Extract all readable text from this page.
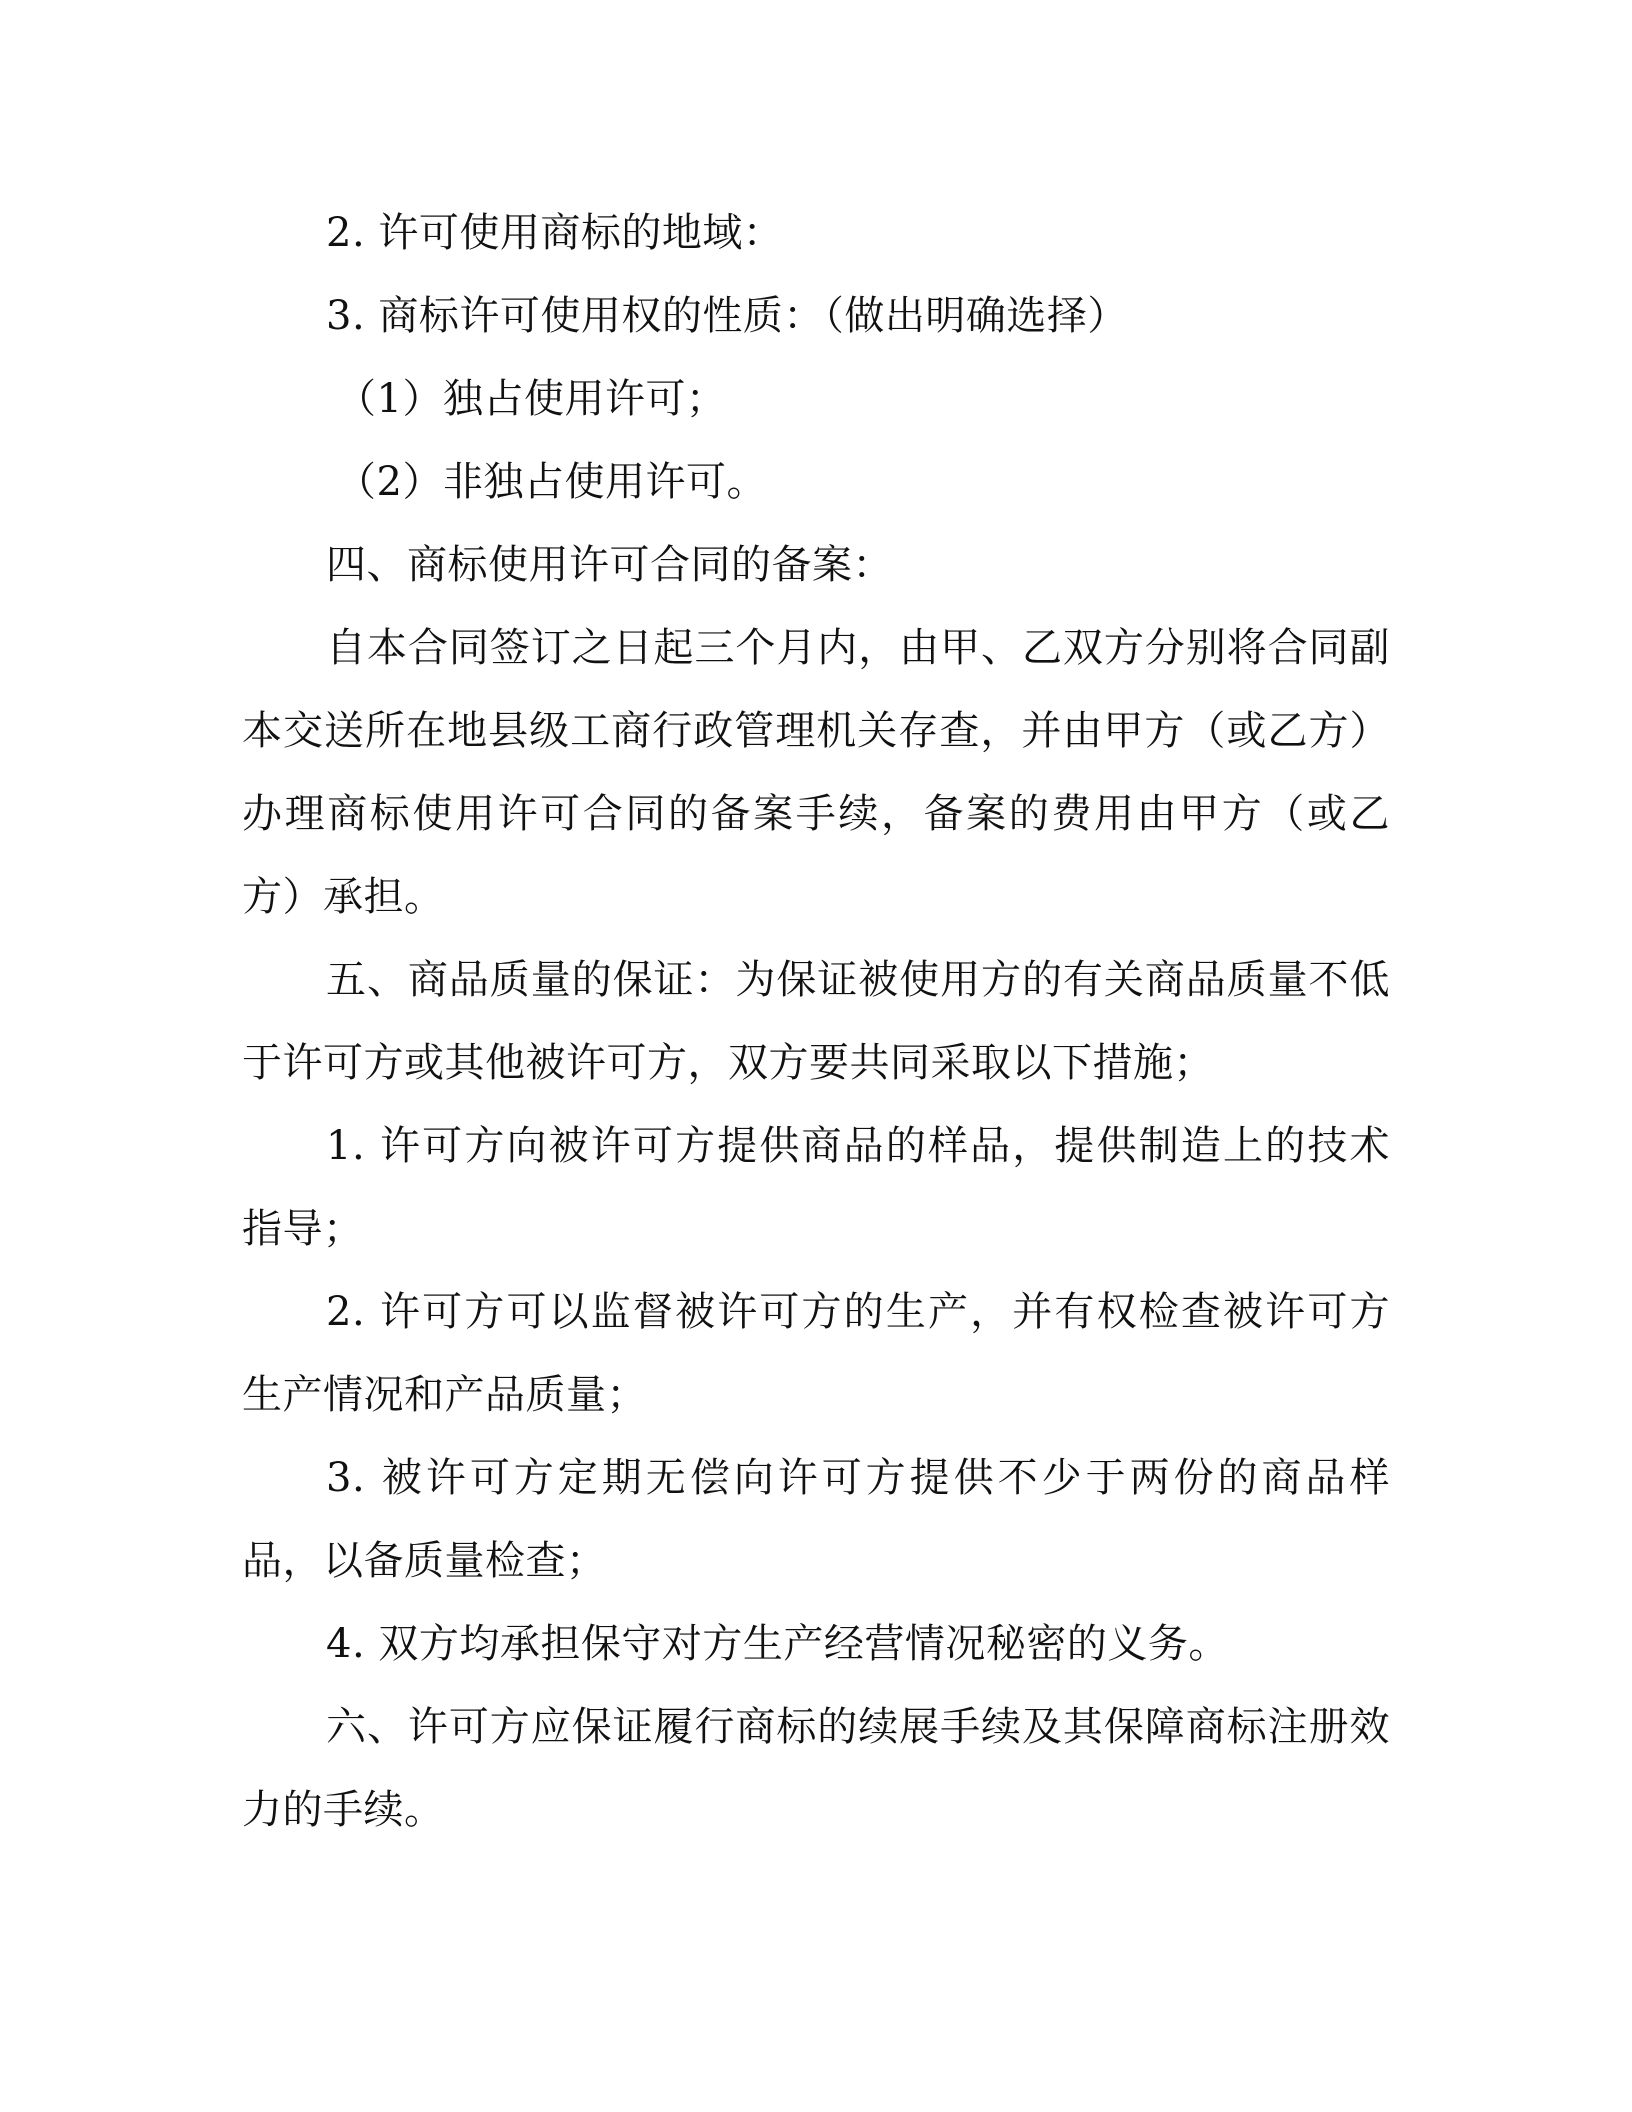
2. 许可使用商标的地域：

3. 商标许可使用权的性质：（做出明确选择）

（1）独占使用许可；

（2）非独占使用许可。

四、商标使用许可合同的备案：

自本合同签订之日起三个月内，由甲、乙双方分别将合同副本交送所在地县级工商行政管理机关存查，并由甲方（或乙方）办理商标使用许可合同的备案手续，备案的费用由甲方（或乙方）承担。

五、商品质量的保证：为保证被使用方的有关商品质量不低于许可方或其他被许可方，双方要共同采取以下措施；

1. 许可方向被许可方提供商品的样品，提供制造上的技术指导；

2. 许可方可以监督被许可方的生产，并有权检查被许可方生产情况和产品质量；

3. 被许可方定期无偿向许可方提供不少于两份的商品样品，以备质量检查；

4. 双方均承担保守对方生产经营情况秘密的义务。

六、许可方应保证履行商标的续展手续及其保障商标注册效力的手续。
